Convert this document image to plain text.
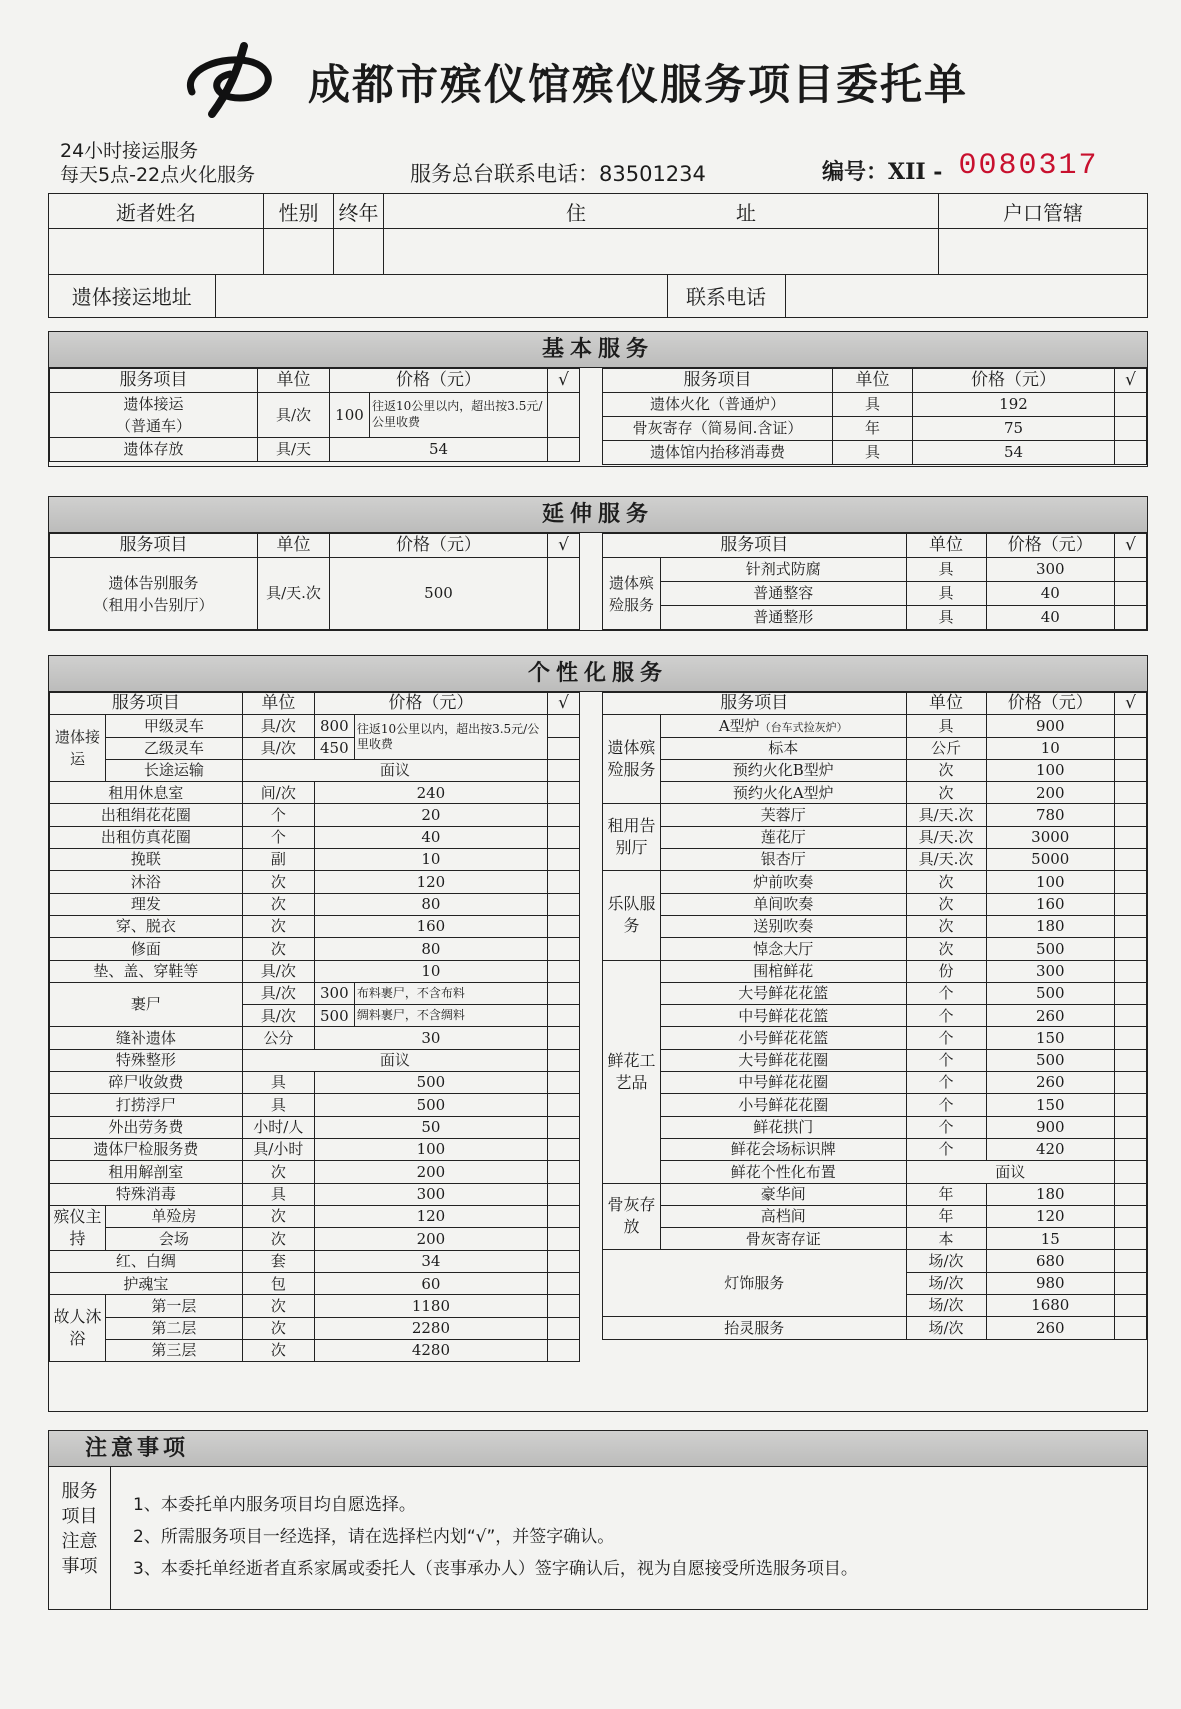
成都市殡仪馆殡仪服务项目委托单
24小时接运服务
每天5点-22点火化服务	服务总台联系电话：83501234	编号：XII - 0080317
逝者姓名	性别	终年	住	址	户口管辖

遗体接运地址		联系电话	
基本服务
服务项目	单位	价格（元）		√

遗体接运
（普通车）	具/次	100	往返10公里以内，超出按3.5元/公里收费	
遗体存放	具/天	54		
服务项目	单位	价格（元）	√
遗体火化（普通炉）	具	192	
骨灰寄存（简易间.含证）	年	75	
遗体馆内抬移消毒费	具	54	
延伸服务
服务项目	单位	价格（元）	√

遗体告别服务
（租用小告别厅）	具/天.次	500	
服务项目		单位	价格（元）	√
遗体殡殓服务	针剂式防腐	具	300	
	普通整容	具	40	
	普通整形	具	40	
个性化服务
服务项目		单位	价格（元）		√
遗体接运	甲级灵车	具/次	800	往返10公里以内，超出按3.5元/公里收费	
	乙级灵车	具/次	450		
	长途运输	面议			
租用休息室		间/次	240		
出租绢花花圈		个	20		
出租仿真花圈		个	40		
挽联		副	10		
沐浴		次	120		
理发		次	80		
穿、脱衣		次	160		
修面		次	80		
垫、盖、穿鞋等		具/次	10		
裹尸		具/次	300	布料裹尸，不含布料	
		具/次	500	绸料裹尸，不含绸料	
缝补遗体		公分	30		
特殊整形		面议			
碎尸收敛费		具	500		
打捞浮尸		具	500		
外出劳务费		小时/人	50		
遗体尸检服务费		具/小时	100		
租用解剖室		次	200		
特殊消毒		具	300		
殡仪主持	单殓房	次	120		
	会场	次	200		
红、白绸		套	34		
护魂宝		包	60		
故人沐浴	第一层	次	1180		
	第二层	次	2280		
	第三层	次	4280		
服务项目		单位	价格（元）	√
遗体殡殓服务	A型炉（台车式捡灰炉）	具	900	
	标本	公斤	10	
	预约火化B型炉	次	100	
	预约火化A型炉	次	200	
租用告别厅	芙蓉厅	具/天.次	780	
	莲花厅	具/天.次	3000	
	银杏厅	具/天.次	5000	
乐队服务	炉前吹奏	次	100	
	单间吹奏	次	160	
	送别吹奏	次	180	
	悼念大厅	次	500	
鲜花工艺品	围棺鲜花	份	300	
	大号鲜花花篮	个	500	
	中号鲜花花篮	个	260	
	小号鲜花花篮	个	150	
	大号鲜花花圈	个	500	
	中号鲜花花圈	个	260	
	小号鲜花花圈	个	150	
	鲜花拱门	个	900	
	鲜花会场标识牌	个	420	
	鲜花个性化布置	面议		
骨灰存放	豪华间	年	180	
	高档间	年	120	
	骨灰寄存证	本	15	
灯饰服务		场/次	680	
		场/次	980	
		场/次	1680	
抬灵服务		场/次	260	
注意事项
服务
项目
注意
事项
1、本委托单内服务项目均自愿选择。
2、所需服务项目一经选择，请在选择栏内划“√”，并签字确认。
3、本委托单经逝者直系家属或委托人（丧事承办人）签字确认后，视为自愿接受所选服务项目。
